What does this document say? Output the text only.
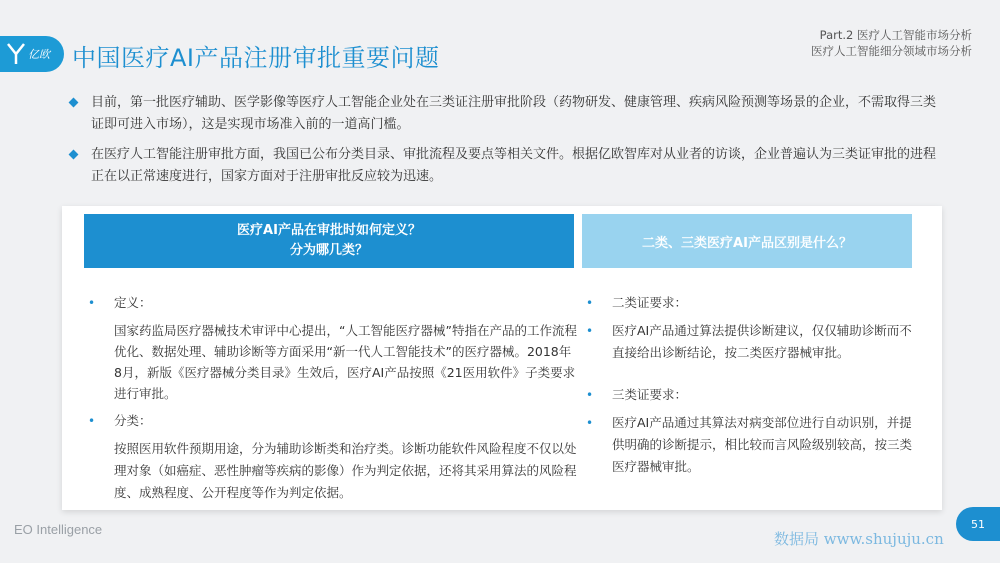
亿欧 中国医疗AI产品注册审批重要问题
Part.2 医疗人工智能市场分析
医疗人工智能细分领域市场分析
目前，第一批医疗辅助、医学影像等医疗人工智能企业处在三类证注册审批阶段（药物研发、健康管理、疾病风险预测等场景的企业，不需取得三类证即可进入市场），这是实现市场准入前的一道高门槛。
在医疗人工智能注册审批方面，我国已公布分类目录、审批流程及要点等相关文件。根据亿欧智库对从业者的访谈，企业普遍认为三类证审批的进程正在以正常速度进行，国家方面对于注册审批反应较为迅速。
医疗AI产品在审批时如何定义？
分为哪几类？	二类、三类医疗AI产品区别是什么？
•	定义：
国家药监局医疗器械技术审评中心提出，“人工智能医疗器械”特指在产品的工作流程优化、数据处理、辅助诊断等方面采用“新一代人工智能技术”的医疗器械。2018年8月，新版《医疗器械分类目录》生效后，医疗AI产品按照《21医用软件》子类要求进行审批。
•	分类：
按照医用软件预期用途，分为辅助诊断类和治疗类。诊断功能软件风险程度不仅以处理对象（如癌症、恶性肿瘤等疾病的影像）作为判定依据，还将其采用算法的风险程度、成熟程度、公开程度等作为判定依据。
•	二类证要求：
•	医疗AI产品通过算法提供诊断建议，仅仅辅助诊断而不直接给出诊断结论，按二类医疗器械审批。
•	三类证要求：
•	医疗AI产品通过其算法对病变部位进行自动识别，并提供明确的诊断提示，相比较而言风险级别较高，按三类医疗器械审批。
EO Intelligence
数据局 www.shujuju.cn
51
